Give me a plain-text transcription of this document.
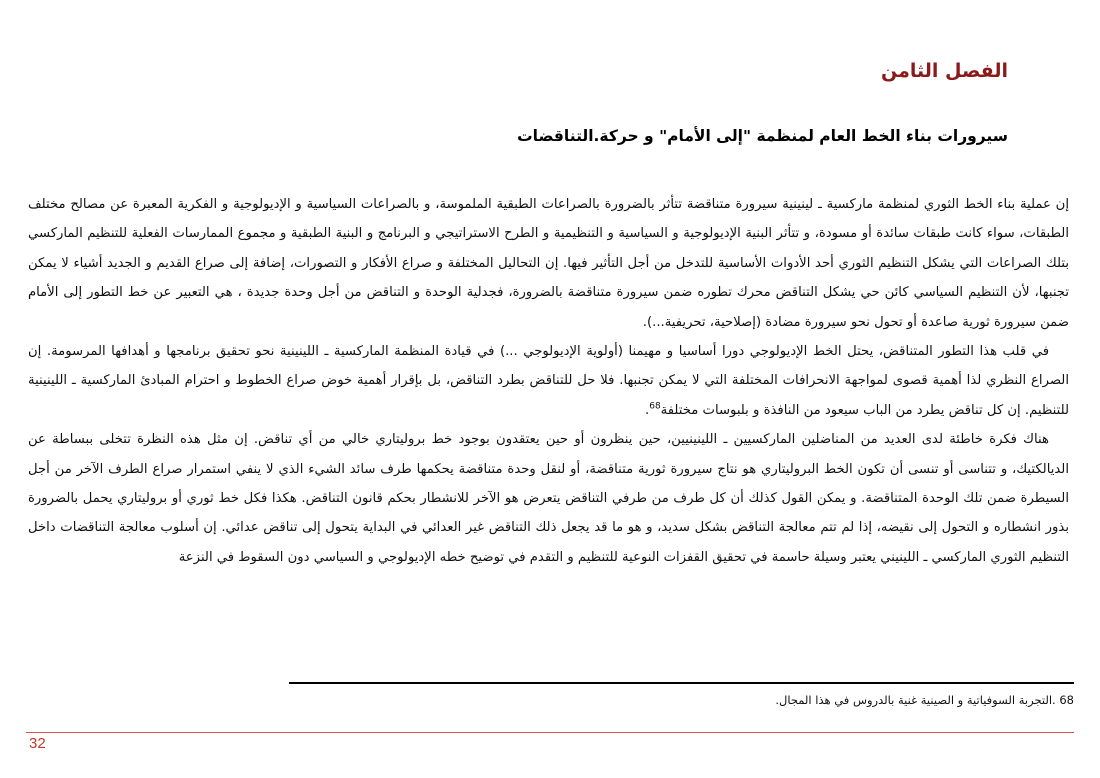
الفصل الثامن
سيرورات بناء الخط العام لمنظمة "إلى الأمام" و حركة.التناقضات

إن عملية بناء الخط الثوري لمنظمة ماركسية ـ لينينية سيرورة متناقضة تتأثر بالضرورة بالصراعات الطبقية الملموسة، و بالصراعات السياسية و الإديولوجية و الفكرية المعبرة عن مصالح مختلف الطبقات، سواء كانت طبقات سائدة أو مسودة، و تتأثر البنية الإديولوجية و السياسية و التنظيمية و الطرح الاستراتيجي و البرنامج و البنية الطبقية و مجموع الممارسات الفعلية للتنظيم الماركسي بتلك الصراعات التي يشكل التنظيم الثوري أحد الأدوات الأساسية للتدخل من أجل التأثير فيها. إن التحاليل المختلفة و صراع الأفكار و التصورات، إضافة إلى صراع القديم و الجديد أشياء لا يمكن تجنبها، لأن التنظيم السياسي كائن حي يشكل التناقض محرك تطوره ضمن سيرورة متناقضة بالضرورة، فجدلية الوحدة و التناقض من أجل وحدة جديدة ، هي التعبير عن خط التطور إلى الأمام ضمن سيرورة ثورية صاعدة أو تحول نحو سيرورة مضادة (إصلاحية، تحريفية...).

في قلب هذا التطور المتناقض، يحتل الخط الإديولوجي دورا أساسيا و مهيمنا (أولوية الإديولوجي ...) في قيادة المنظمة الماركسية ـ اللينينية نحو تحقيق برنامجها و أهدافها المرسومة. إن الصراع النظري لذا أهمية قصوى لمواجهة الانحرافات المختلفة التي لا يمكن تجنبها. فلا حل للتناقض بطرد التناقض، بل بإقرار أهمية خوض صراع الخطوط و احترام المبادئ الماركسية ـ اللينينية للتنظيم. إن كل تناقض يطرد من الباب سيعود من النافذة و بلبوسات مختلفة$^{68}$.

هناك فكرة خاطئة لدى العديد من المناضلين الماركسيين ـ اللينينيين، حين ينظرون أو حين يعتقدون بوجود خط بروليتاري خالي من أي تناقض. إن مثل هذه النظرة تتخلى ببساطة عن الديالكتيك، و تتناسى أو تنسى أن تكون الخط البروليتاري هو نتاج سيرورة ثورية متناقضة، أو لنقل وحدة متناقضة يحكمها طرف سائد الشيء الذي لا ينفي استمرار صراع الطرف الآخر من أجل السيطرة ضمن تلك الوحدة المتناقضة. و يمكن القول كذلك أن كل طرف من طرفي التناقض يتعرض هو الآخر للانشطار بحكم قانون التناقض. هكذا فكل خط ثوري أو بروليتاري يحمل بالضرورة بذور انشطاره و التحول إلى نقيضه، إذا لم تتم معالجة التناقض بشكل سديد، و هو ما قد يجعل ذلك التناقض غير العدائي في البداية يتحول إلى تناقض عدائي. إن أسلوب معالجة التناقضات داخل التنظيم الثوري الماركسي ـ اللينيني يعتبر وسيلة حاسمة في تحقيق القفزات النوعية للتنظيم و التقدم في توضيح خطه الإديولوجي و السياسي دون السقوط في النزعة

68 .التجربة السوفياتية و الصينية غنية بالدروس في هذا المجال.
32
